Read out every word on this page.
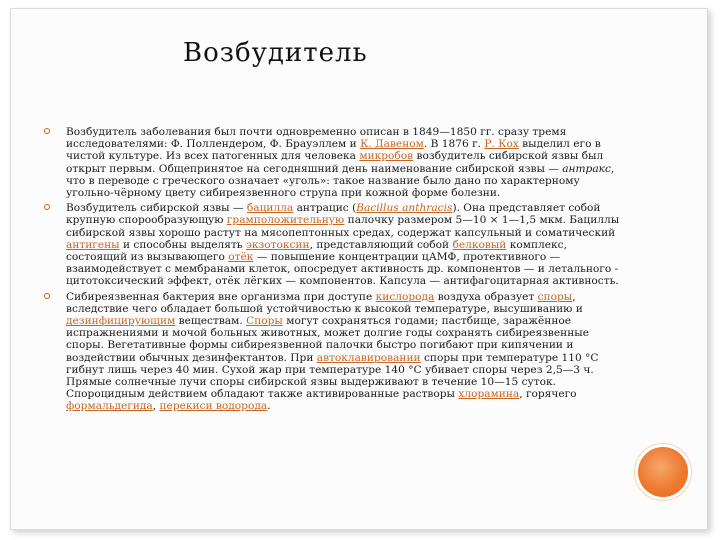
Возбудитель
Возбудитель заболевания был почти одновременно описан в 1849—1850 гг. сразу тремя исследователями: Ф. Поллендером, Ф. Брауэллем и К. Давеном. В 1876 г. Р. Кох выделил его в чистой культуре. Из всех патогенных для человека микробов возбудитель сибирской язвы был открыт первым. Общепринятое на сегодняшний день наименование сибирской язвы — антракс, что в переводе с греческого означает «уголь»: такое название было дано по характерному угольно-чёрному цвету сибиреязвенного струпа при кожной форме болезни.
Возбудитель сибирской язвы — бацилла антрацис (Bacillus anthracis). Она представляет собой крупную спорообразующую грамположительную палочку размером 5—10 × 1—1,5 мкм. Бациллы сибирской язвы хорошо растут на мясопептонных средах, содержат капсульный и соматический антигены и способны выделять экзотоксин, представляющий собой белковый комплекс, состоящий из вызывающего отёк — повышение концентрации цАМФ, протективного — взаимодействует с мембранами клеток, опосредует активность др. компонентов — и летального - цитотоксический эффект, отёк лёгких — компонентов. Капсула — антифагоцитарная активность.
Сибиреязвенная бактерия вне организма при доступе кислорода воздуха образует споры, вследствие чего обладает большой устойчивостью к высокой температуре, высушиванию и дезинфицирующим веществам. Споры могут сохраняться годами; пастбище, заражённое испражнениями и мочой больных животных, может долгие годы сохранять сибиреязвенные споры. Вегетативные формы сибиреязвенной палочки быстро погибают при кипячении и воздействии обычных дезинфектантов. При автоклавировании споры при температуре 110 °C гибнут лишь через 40 мин. Сухой жар при температуре 140 °C убивает споры через 2,5—3 ч. Прямые солнечные лучи споры сибирской язвы выдерживают в течение 10—15 суток. Спороцидным действием обладают также активированные растворы хлорамина, горячего формальдегида, перекиси водорода.
